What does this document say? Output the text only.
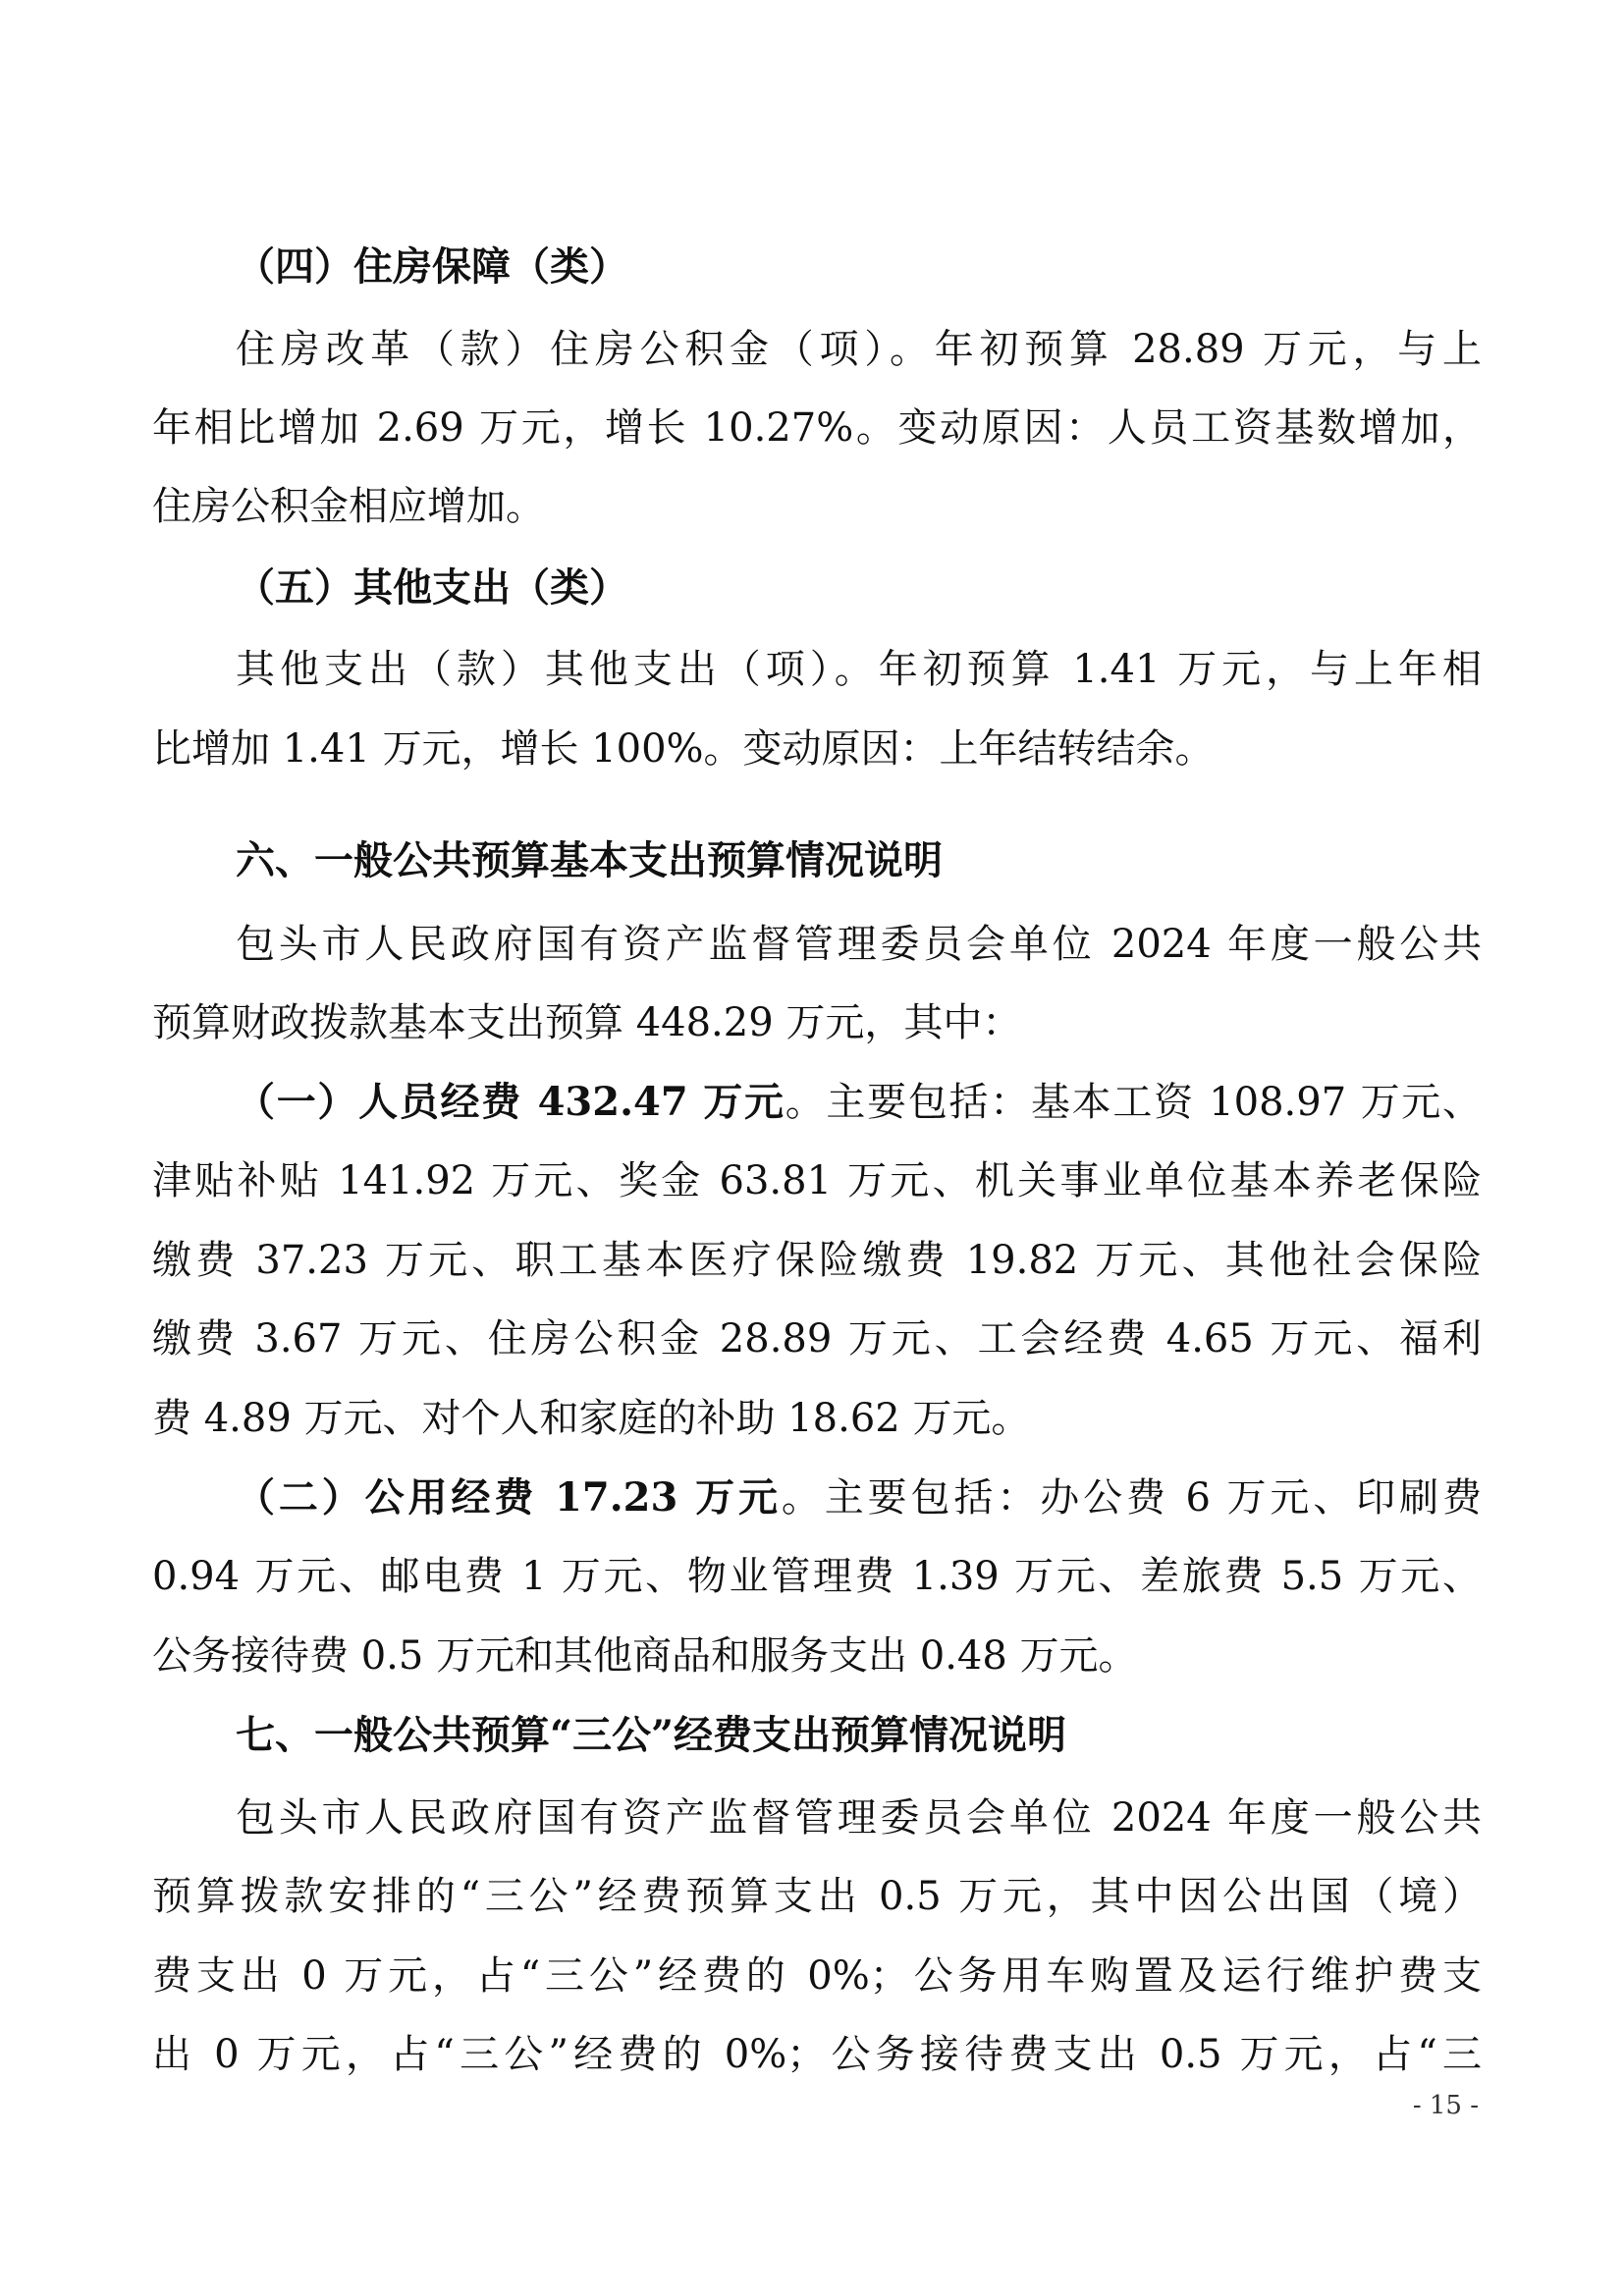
（四）住房保障（类）

住房改革（款）住房公积金（项）。年初预算 28.89 万元，与上

年相比增加 2.69 万元，增长 10.27%。变动原因：人员工资基数增加，

住房公积金相应增加。

（五）其他支出（类）

其他支出（款）其他支出（项）。年初预算 1.41 万元，与上年相

比增加 1.41 万元，增长 100%。变动原因：上年结转结余。

六、一般公共预算基本支出预算情况说明

包头市人民政府国有资产监督管理委员会单位 2024 年度一般公共

预算财政拨款基本支出预算 448.29 万元，其中：

（一）人员经费 432.47 万元。主要包括：基本工资 108.97 万元、

津贴补贴 141.92 万元、奖金 63.81 万元、机关事业单位基本养老保险

缴费 37.23 万元、职工基本医疗保险缴费 19.82 万元、其他社会保险

缴费 3.67 万元、住房公积金 28.89 万元、工会经费 4.65 万元、福利

费 4.89 万元、对个人和家庭的补助 18.62 万元。

（二）公用经费 17.23 万元。主要包括：办公费 6 万元、印刷费

0.94 万元、邮电费 1 万元、物业管理费 1.39 万元、差旅费 5.5 万元、

公务接待费 0.5 万元和其他商品和服务支出 0.48 万元。

七、一般公共预算“三公”经费支出预算情况说明

包头市人民政府国有资产监督管理委员会单位 2024 年度一般公共

预算拨款安排的“三公”经费预算支出 0.5 万元，其中因公出国（境）

费支出 0 万元，占“三公”经费的 0%；公务用车购置及运行维护费支

出 0 万元，占“三公”经费的 0%；公务接待费支出 0.5 万元，占“三

- 15 -
